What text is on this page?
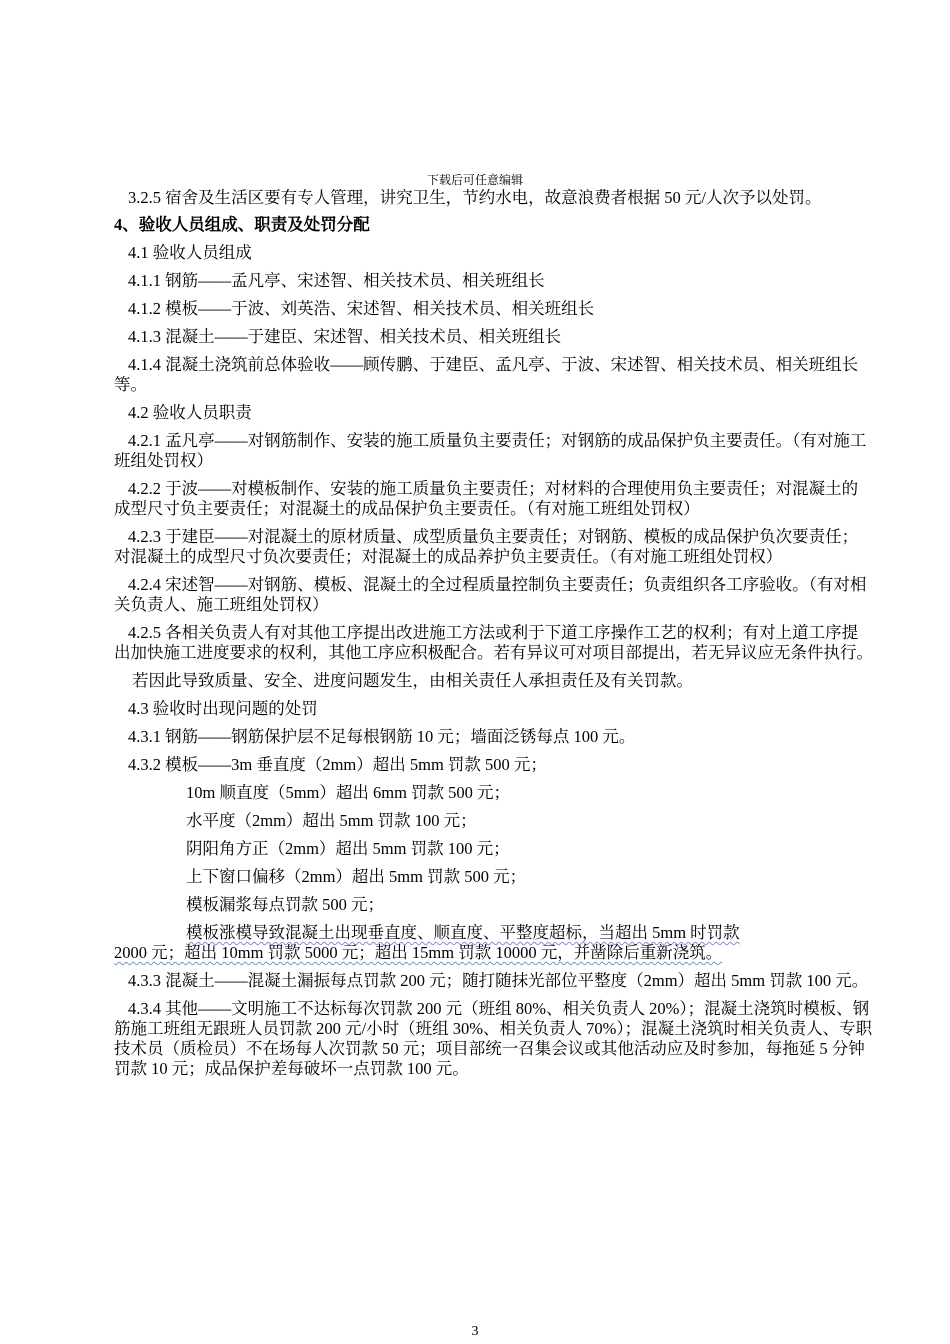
下载后可任意编辑

3.2.5 宿舍及生活区要有专人管理，讲究卫生，节约水电，故意浪费者根据 50 元/人次予以处罚。

4、验收人员组成、职责及处罚分配

4.1 验收人员组成

4.1.1 钢筋——孟凡亭、宋述智、相关技术员、相关班组长

4.1.2 模板——于波、刘英浩、宋述智、相关技术员、相关班组长

4.1.3 混凝土——于建臣、宋述智、相关技术员、相关班组长

4.1.4 混凝土浇筑前总体验收——顾传鹏、于建臣、孟凡亭、于波、宋述智、相关技术员、相关班组长等。

4.2 验收人员职责

4.2.1 孟凡亭——对钢筋制作、安装的施工质量负主要责任；对钢筋的成品保护负主要责任。（有对施工班组处罚权）

4.2.2 于波——对模板制作、安装的施工质量负主要责任；对材料的合理使用负主要责任；对混凝土的成型尺寸负主要责任；对混凝土的成品保护负主要责任。（有对施工班组处罚权）

4.2.3 于建臣——对混凝土的原材质量、成型质量负主要责任；对钢筋、模板的成品保护负次要责任；对混凝土的成型尺寸负次要责任；对混凝土的成品养护负主要责任。（有对施工班组处罚权）

4.2.4 宋述智——对钢筋、模板、混凝土的全过程质量控制负主要责任；负责组织各工序验收。（有对相关负责人、施工班组处罚权）

4.2.5 各相关负责人有对其他工序提出改进施工方法或利于下道工序操作工艺的权利；有对上道工序提出加快施工进度要求的权利，其他工序应积极配合。若有异议可对项目部提出，若无异议应无条件执行。

若因此导致质量、安全、进度问题发生，由相关责任人承担责任及有关罚款。

4.3 验收时出现问题的处罚

4.3.1 钢筋——钢筋保护层不足每根钢筋 10 元；墙面泛锈每点 100 元。

4.3.2 模板——3m 垂直度（2mm）超出 5mm 罚款 500 元；

10m 顺直度（5mm）超出 6mm 罚款 500 元；

水平度（2mm）超出 5mm 罚款 100 元；

阴阳角方正（2mm）超出 5mm 罚款 100 元；

上下窗口偏移（2mm）超出 5mm 罚款 500 元；

模板漏浆每点罚款 500 元；

模板涨模导致混凝土出现垂直度、顺直度、平整度超标，当超出 5mm 时罚款

2000 元；超出 10mm 罚款 5000 元；超出 15mm 罚款 10000 元，并凿除后重新浇筑。

4.3.3 混凝土——混凝土漏振每点罚款 200 元；随打随抹光部位平整度（2mm）超出 5mm 罚款 100 元。

4.3.4 其他——文明施工不达标每次罚款 200 元（班组 80%、相关负责人 20%）；混凝土浇筑时模板、钢筋施工班组无跟班人员罚款 200 元/小时（班组 30%、相关负责人 70%）；混凝土浇筑时相关负责人、专职技术员（质检员）不在场每人次罚款 50 元；项目部统一召集会议或其他活动应及时参加，每拖延 5 分钟罚款 10 元；成品保护差每破坏一点罚款 100 元。

3
